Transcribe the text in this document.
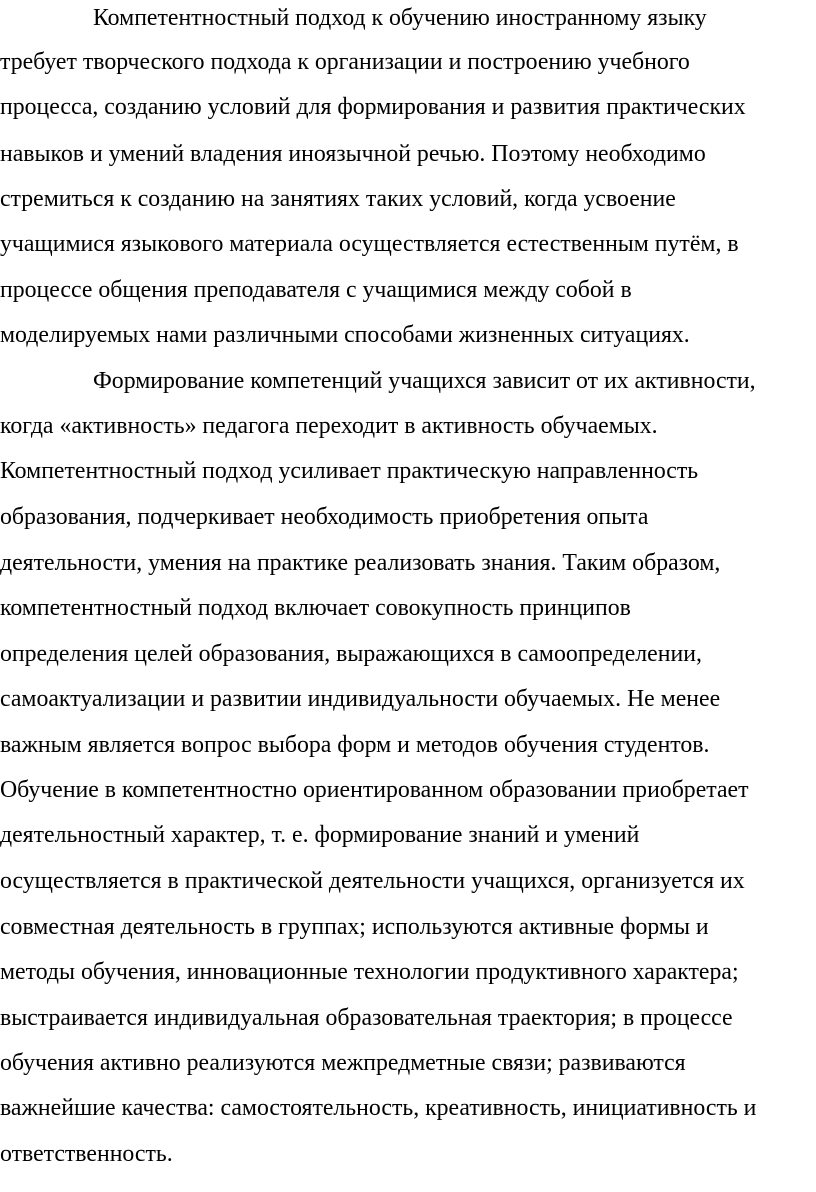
Компетентностный подход к обучению иностранному языку
требует творческого подхода к организации и построению учебного
процесса, созданию условий для формирования и развития практических
навыков и умений владения иноязычной речью. Поэтому необходимо
стремиться к созданию на занятиях таких условий, когда усвоение
учащимися языкового материала осуществляется естественным путём, в
процессе общения преподавателя с учащимися между собой в
моделируемых нами различными способами жизненных ситуациях.
Формирование компетенций учащихся зависит от их активности,
когда «активность» педагога переходит в активность обучаемых.
Компетентностный подход усиливает практическую направленность
образования, подчеркивает необходимость приобретения опыта
деятельности, умения на практике реализовать знания. Таким образом,
компетентностный подход включает совокупность принципов
определения целей образования, выражающихся в самоопределении,
самоактуализации и развитии индивидуальности обучаемых. Не менее
важным является вопрос выбора форм и методов обучения студентов.
Обучение в компетентностно ориентированном образовании приобретает
деятельностный характер, т. е. формирование знаний и умений
осуществляется в практической деятельности учащихся, организуется их
совместная деятельность в группах; используются активные формы и
методы обучения, инновационные технологии продуктивного характера;
выстраивается индивидуальная образовательная траектория; в процессе
обучения активно реализуются межпредметные связи; развиваются
важнейшие качества: самостоятельность, креативность, инициативность и
ответственность.
